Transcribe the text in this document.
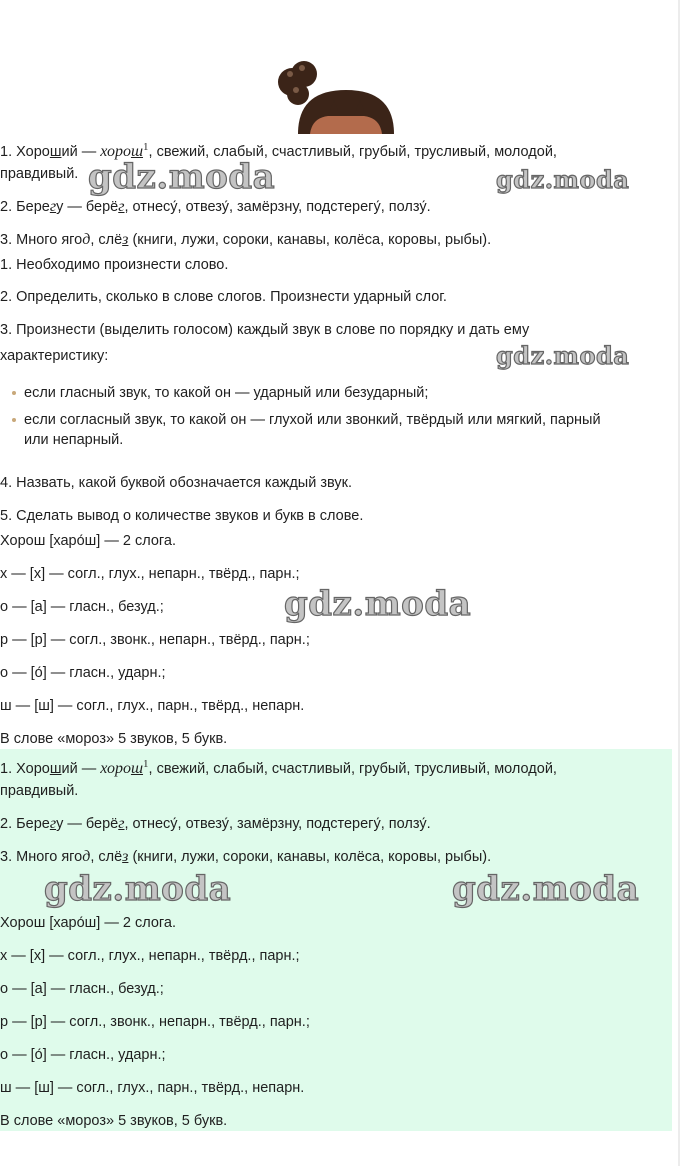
1. Хороший — хорош$^1$, свежий, слабый, счастливый, грубый, трусливый, молодой,
правдивый.
2. Берегу — берёг, отнесу́, отвезу́, замёрзну, подстерегу́, ползу́.
3. Много ягод, слёз (книги, лужи, сороки, канавы, колёса, коровы, рыбы).
1. Необходимо произнести слово.
2. Определить, сколько в слове слогов. Произнести ударный слог.
3. Произнести (выделить голосом) каждый звук в слове по порядку и дать ему
характеристику:
если гласный звук, то какой он — ударный или безударный;
если согласный звук, то какой он — глухой или звонкий, твёрдый или мягкий, парный
или непарный.
4. Назвать, какой буквой обозначается каждый звук.
5. Сделать вывод о количестве звуков и букв в слове.
Хорош [харо́ш] — 2 слога.
х — [х] — согл., глух., непарн., твёрд., парн.;
о — [а] — гласн., безуд.;
р — [р] — согл., звонк., непарн., твёрд., парн.;
о — [о́] — гласн., ударн.;
ш — [ш] — согл., глух., парн., твёрд., непарн.
В слове «мороз» 5 звуков, 5 букв.
1. Хороший — хорош$^1$, свежий, слабый, счастливый, грубый, трусливый, молодой,
правдивый.
2. Берегу — берёг, отнесу́, отвезу́, замёрзну, подстерегу́, ползу́.
3. Много ягод, слёз (книги, лужи, сороки, канавы, колёса, коровы, рыбы).
Хорош [харо́ш] — 2 слога.
х — [х] — согл., глух., непарн., твёрд., парн.;
о — [а] — гласн., безуд.;
р — [р] — согл., звонк., непарн., твёрд., парн.;
о — [о́] — гласн., ударн.;
ш — [ш] — согл., глух., парн., твёрд., непарн.
В слове «мороз» 5 звуков, 5 букв.
gdz.moda	gdz.moda
gdz.moda
gdz.moda
gdz.moda	gdz.moda
